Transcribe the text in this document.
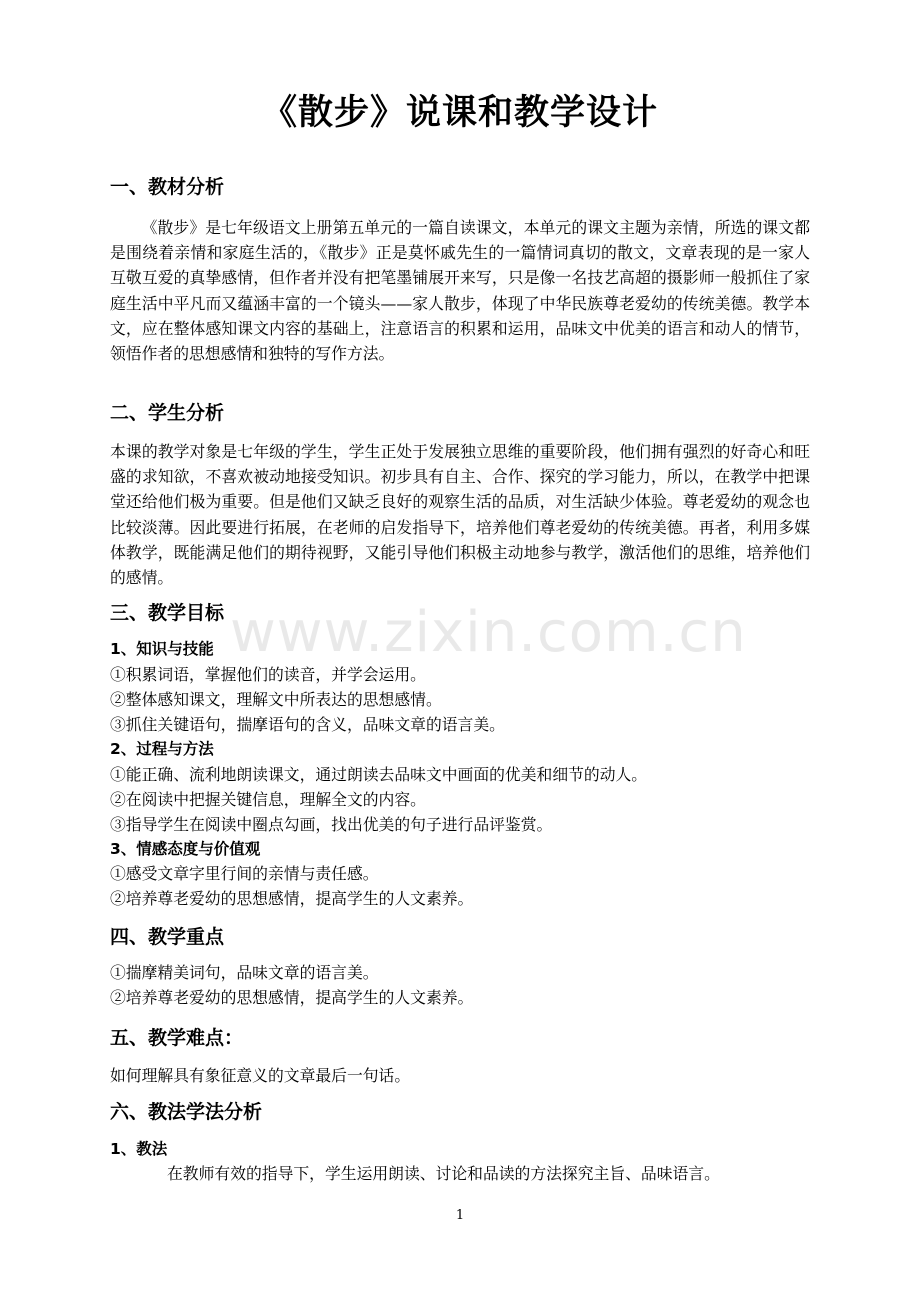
《散步》说课和教学设计
一、教材分析
《散步》是七年级语文上册第五单元的一篇自读课文，本单元的课文主题为亲情，所选的课文都是围绕着亲情和家庭生活的，《散步》正是莫怀戚先生的一篇情词真切的散文，文章表现的是一家人互敬互爱的真挚感情，但作者并没有把笔墨铺展开来写，只是像一名技艺高超的摄影师一般抓住了家庭生活中平凡而又蕴涵丰富的一个镜头——家人散步，体现了中华民族尊老爱幼的传统美德。教学本文，应在整体感知课文内容的基础上，注意语言的积累和运用，品味文中优美的语言和动人的情节，领悟作者的思想感情和独特的写作方法。
二、学生分析
本课的教学对象是七年级的学生，学生正处于发展独立思维的重要阶段，他们拥有强烈的好奇心和旺盛的求知欲，不喜欢被动地接受知识。初步具有自主、合作、探究的学习能力，所以，在教学中把课堂还给他们极为重要。但是他们又缺乏良好的观察生活的品质，对生活缺少体验。尊老爱幼的观念也比较淡薄。因此要进行拓展，在老师的启发指导下，培养他们尊老爱幼的传统美德。再者，利用多媒体教学，既能满足他们的期待视野，又能引导他们积极主动地参与教学，激活他们的思维，培养他们的感情。
三、教学目标
1、知识与技能
①积累词语，掌握他们的读音，并学会运用。
②整体感知课文，理解文中所表达的思想感情。
③抓住关键语句，揣摩语句的含义，品味文章的语言美。
2、过程与方法
①能正确、流利地朗读课文，通过朗读去品味文中画面的优美和细节的动人。
②在阅读中把握关键信息，理解全文的内容。
③指导学生在阅读中圈点勾画，找出优美的句子进行品评鉴赏。
3、情感态度与价值观
①感受文章字里行间的亲情与责任感。
②培养尊老爱幼的思想感情，提高学生的人文素养。
四、教学重点
①揣摩精美词句，品味文章的语言美。
②培养尊老爱幼的思想感情，提高学生的人文素养。
五、教学难点：
如何理解具有象征意义的文章最后一句话。
六、教法学法分析
1、教法
在教师有效的指导下，学生运用朗读、讨论和品读的方法探究主旨、品味语言。
www.zixin.com.cn
1
